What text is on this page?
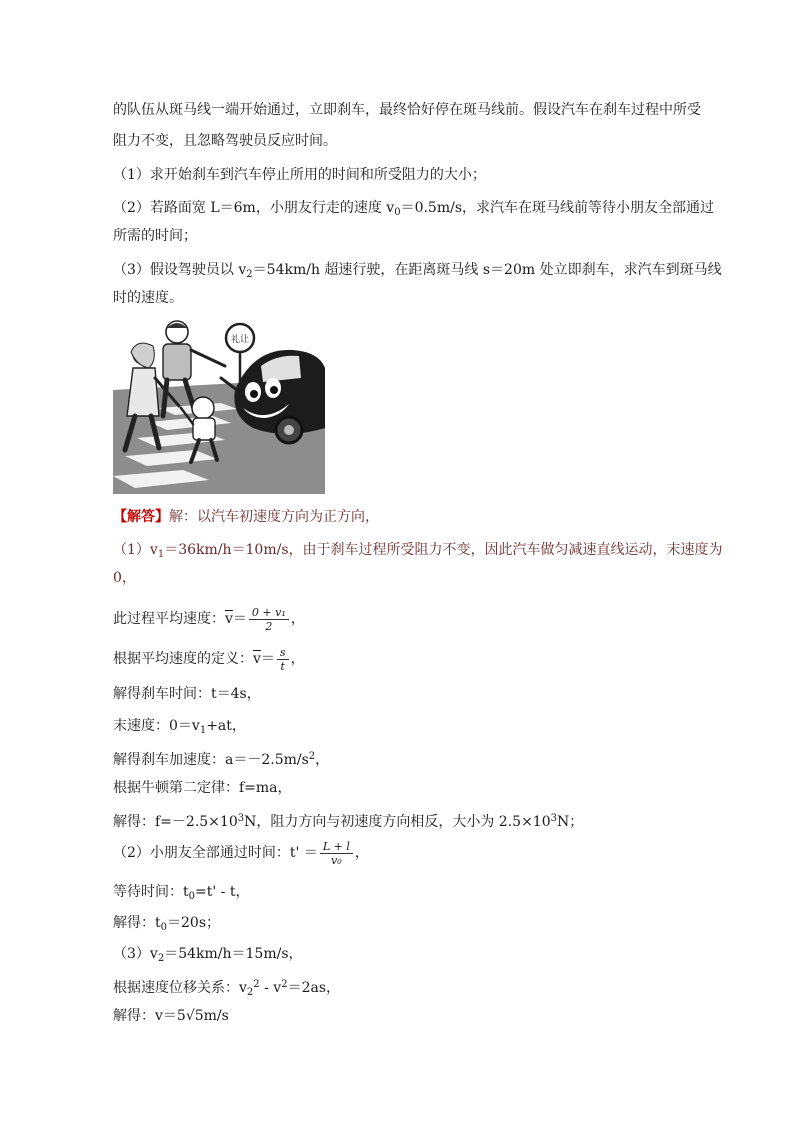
的队伍从斑马线一端开始通过，立即刹车，最终恰好停在斑马线前。假设汽车在刹车过程中所受
阻力不变，且忽略驾驶员反应时间。
（1）求开始刹车到汽车停止所用的时间和所受阻力的大小；
（2）若路面宽 L＝6m，小朋友行走的速度 $v_0=0.5m/s$，求汽车在斑马线前等待小朋友全部通过
所需的时间；
（3）假设驾驶员以 $v_2=54km/h$ 超速行驶，在距离斑马线 s＝20m 处立即刹车，求汽车到斑马线
时的速度。
礼让
【解答】解：以汽车初速度方向为正方向，
$(1)v_1=36km/h=10m/s$，由于刹车过程所受阻力不变，因此汽车做匀减速直线运动，末速度为
0，
此过程平均速度：$\overline{v}= \frac{\text{0 + v₁}}{2}$ ，
根据平均速度的定义：$\overline{v}= \frac{s}{t}$ ，
解得刹车时间：t＝4s，
末速度：$0=v_1+at$，
解得刹车加速度：$a=-2.5m/s^2$，
根据牛顿第二定律：f=ma，
解得：$f=-2.5\times 10^3N$，阻力方向与初速度方向相反，大小为 $2.5\times 10^3N$；
（2）小朋友全部通过时间：$t' = \frac{L + l}{\text{v₀}}$ ，
等待时间：$t_0=t' - t$，
解得：$t_0=20s$；
$(3)v_2=54km/h=15m/s$，
根据速度位移关系：$v_2^2 - v^2=2as$，
解得：v＝5√5m/s
